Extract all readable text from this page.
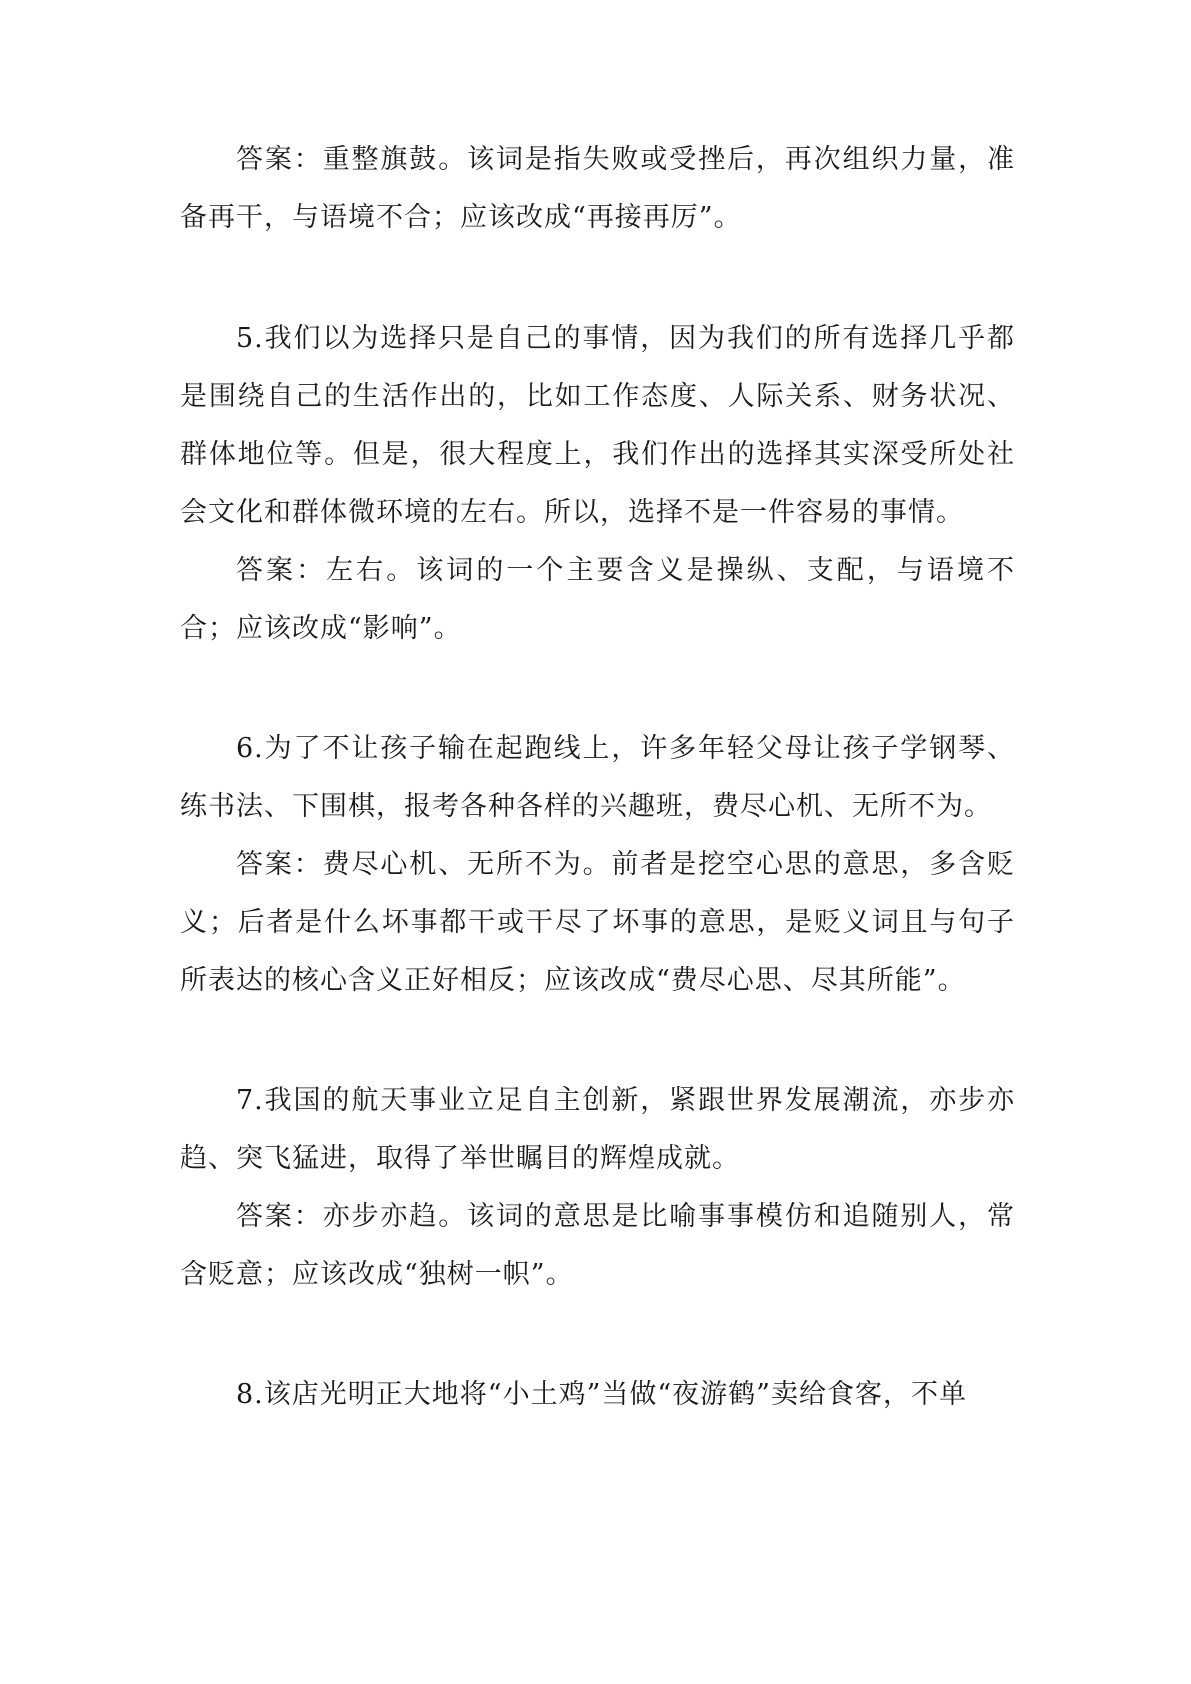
答案：重整旗鼓。该词是指失败或受挫后，再次组织力量，准备再干，与语境不合；应该改成“再接再厉”。

5.我们以为选择只是自己的事情，因为我们的所有选择几乎都是围绕自己的生活作出的，比如工作态度、人际关系、财务状况、群体地位等。但是，很大程度上，我们作出的选择其实深受所处社会文化和群体微环境的左右。所以，选择不是一件容易的事情。

答案：左右。该词的一个主要含义是操纵、支配，与语境不合；应该改成“影响”。

6.为了不让孩子输在起跑线上，许多年轻父母让孩子学钢琴、练书法、下围棋，报考各种各样的兴趣班，费尽心机、无所不为。

答案：费尽心机、无所不为。前者是挖空心思的意思，多含贬义；后者是什么坏事都干或干尽了坏事的意思，是贬义词且与句子所表达的核心含义正好相反；应该改成“费尽心思、尽其所能”。

7.我国的航天事业立足自主创新，紧跟世界发展潮流，亦步亦趋、突飞猛进，取得了举世瞩目的辉煌成就。

答案：亦步亦趋。该词的意思是比喻事事模仿和追随别人，常含贬意；应该改成“独树一帜”。

8.该店光明正大地将“小土鸡”当做“夜游鹤”卖给食客，不单
